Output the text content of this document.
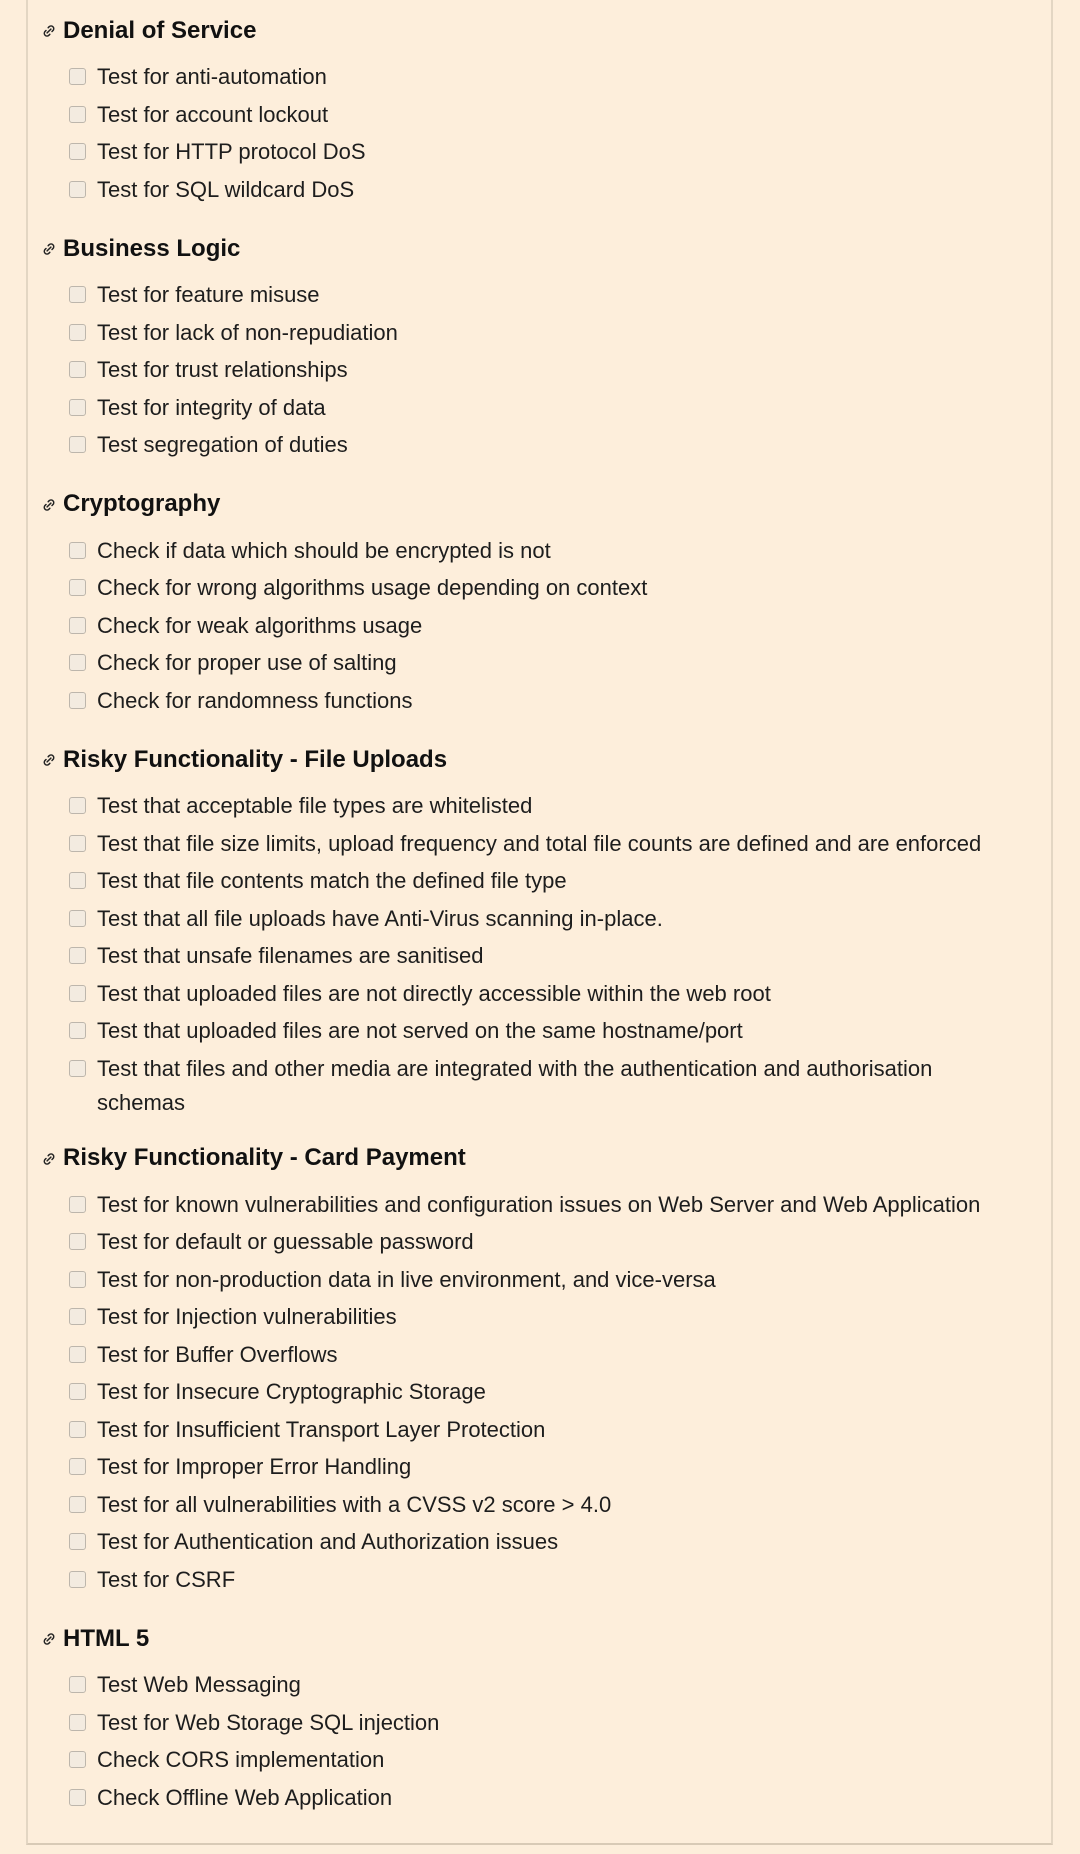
Denial of Service
Test for anti-automation
Test for account lockout
Test for HTTP protocol DoS
Test for SQL wildcard DoS
Business Logic
Test for feature misuse
Test for lack of non-repudiation
Test for trust relationships
Test for integrity of data
Test segregation of duties
Cryptography
Check if data which should be encrypted is not
Check for wrong algorithms usage depending on context
Check for weak algorithms usage
Check for proper use of salting
Check for randomness functions
Risky Functionality - File Uploads
Test that acceptable file types are whitelisted
Test that file size limits, upload frequency and total file counts are defined and are enforced
Test that file contents match the defined file type
Test that all file uploads have Anti-Virus scanning in-place.
Test that unsafe filenames are sanitised
Test that uploaded files are not directly accessible within the web root
Test that uploaded files are not served on the same hostname/port
Test that files and other media are integrated with the authentication and authorisation schemas
Risky Functionality - Card Payment
Test for known vulnerabilities and configuration issues on Web Server and Web Application
Test for default or guessable password
Test for non-production data in live environment, and vice-versa
Test for Injection vulnerabilities
Test for Buffer Overflows
Test for Insecure Cryptographic Storage
Test for Insufficient Transport Layer Protection
Test for Improper Error Handling
Test for all vulnerabilities with a CVSS v2 score > 4.0
Test for Authentication and Authorization issues
Test for CSRF
HTML 5
Test Web Messaging
Test for Web Storage SQL injection
Check CORS implementation
Check Offline Web Application
